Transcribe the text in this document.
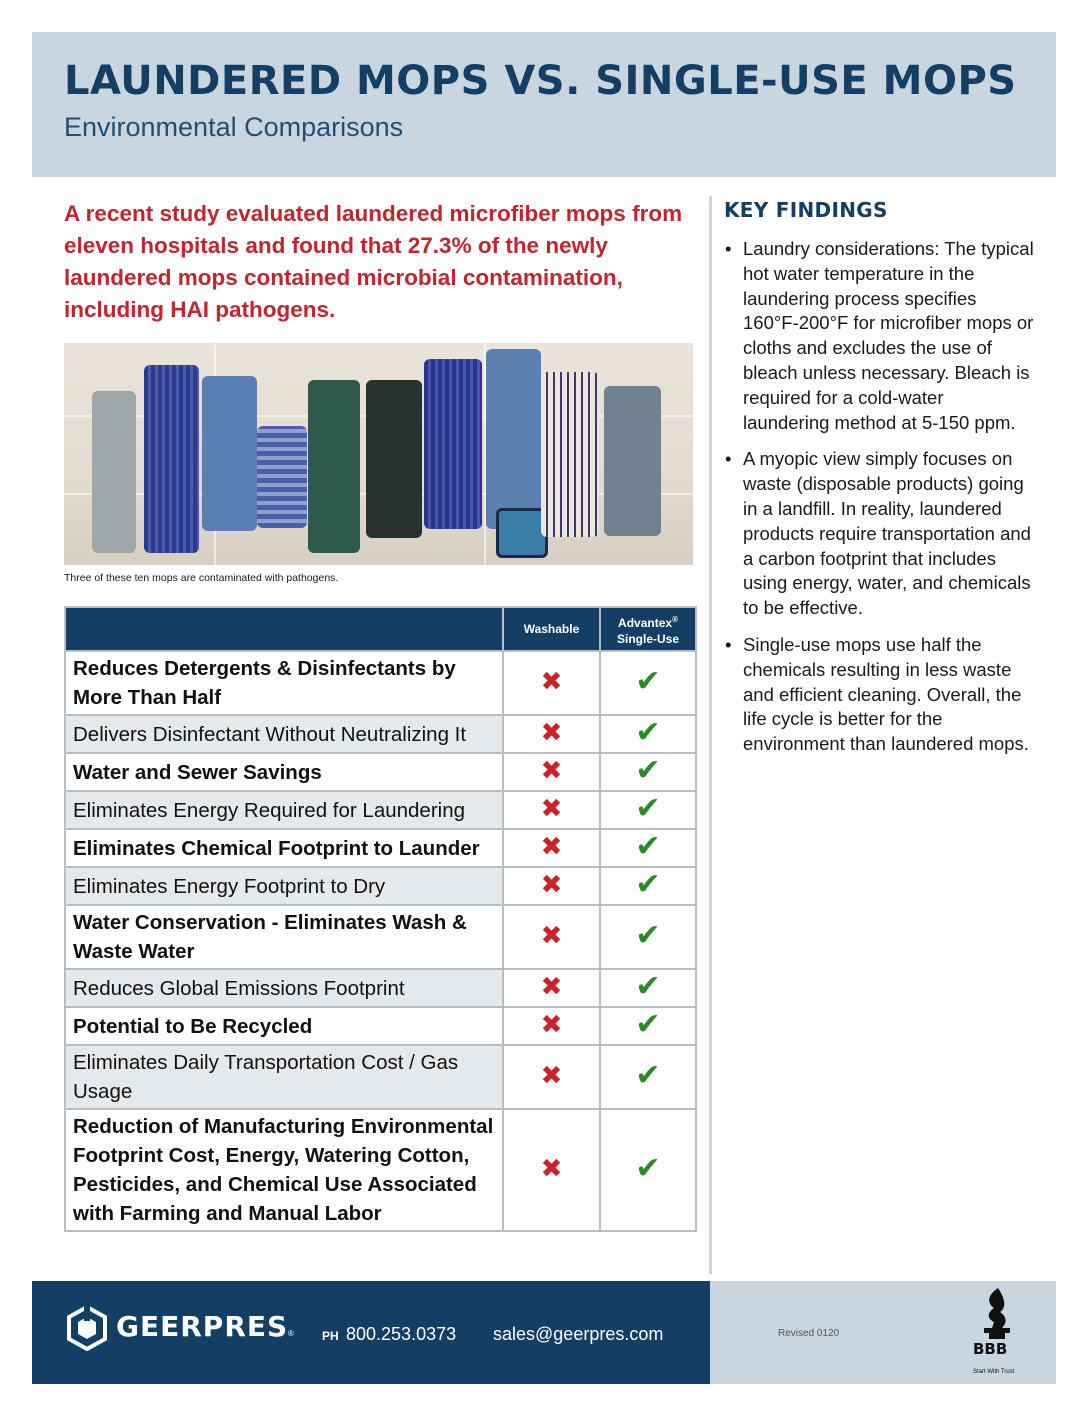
LAUNDERED MOPS VS. SINGLE-USE MOPS
Environmental Comparisons
A recent study evaluated laundered microfiber mops from eleven hospitals and found that 27.3% of the newly laundered mops contained microbial contamination, including HAI pathogens.
Three of these ten mops are contaminated with pathogens.
	Washable	Advantex®
Single-Use
Reduces Detergents & Disinfectants by More Than Half	✖	✔
Delivers Disinfectant Without Neutralizing It	✖	✔
Water and Sewer Savings	✖	✔
Eliminates Energy Required for Laundering	✖	✔
Eliminates Chemical Footprint to Launder	✖	✔
Eliminates Energy Footprint to Dry	✖	✔
Water Conservation - Eliminates Wash & Waste Water	✖	✔
Reduces Global Emissions Footprint	✖	✔
Potential to Be Recycled	✖	✔
Eliminates Daily Transportation Cost / Gas Usage	✖	✔
Reduction of Manufacturing Environmental Footprint Cost, Energy, Watering Cotton, Pesticides, and Chemical Use Associated with Farming and Manual Labor	✖	✔
KEY FINDINGS
• Laundry considerations: The typical hot water temperature in the laundering process specifies 160°F-200°F for microfiber mops or cloths and excludes the use of bleach unless necessary. Bleach is required for a cold-water laundering method at 5-150 ppm.
• A myopic view simply focuses on waste (disposable products) going in a landfill. In reality, laundered products require transportation and a carbon footprint that includes using energy, water, and chemicals to be effective.
• Single-use mops use half the chemicals resulting in less waste and efficient cleaning. Overall, the life cycle is better for the environment than laundered mops.
GEERPRES ® PH 800.253.0373 sales@geerpres.com	Revised 0120
BBB
Start With Trust
